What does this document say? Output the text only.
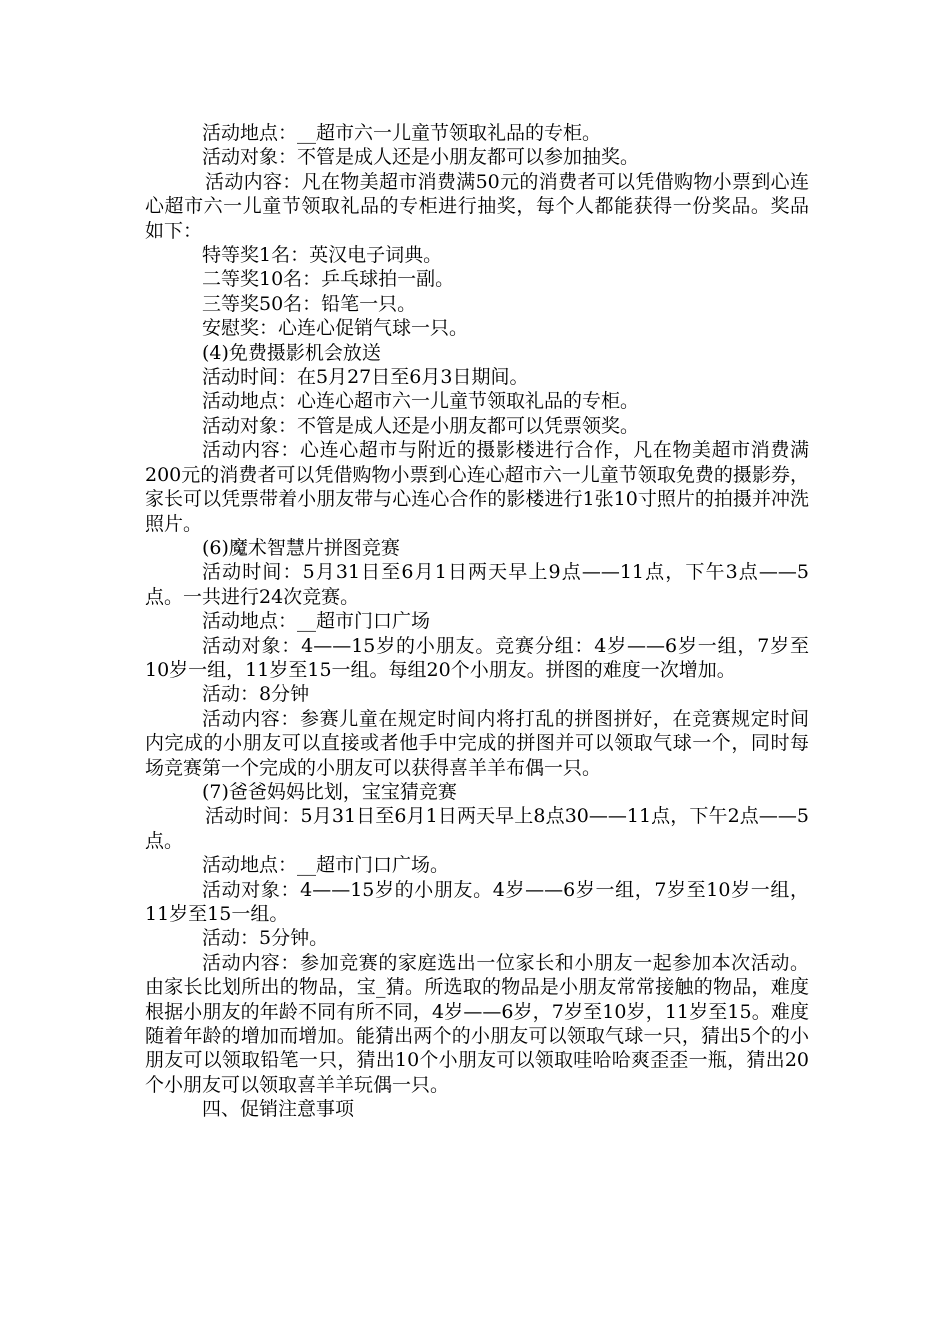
活动地点：__超市六一儿童节领取礼品的专柜。

活动对象：不管是成人还是小朋友都可以参加抽奖。

活动内容：凡在物美超市消费满50元的消费者可以凭借购物小票到心连心超市六一儿童节领取礼品的专柜进行抽奖，每个人都能获得一份奖品。奖品如下：

特等奖1名：英汉电子词典。

二等奖10名：乒乓球拍一副。

三等奖50名：铅笔一只。

安慰奖：心连心促销气球一只。

(4)免费摄影机会放送

活动时间：在5月27日至6月3日期间。

活动地点：心连心超市六一儿童节领取礼品的专柜。

活动对象：不管是成人还是小朋友都可以凭票领奖。

活动内容：心连心超市与附近的摄影楼进行合作，凡在物美超市消费满200元的消费者可以凭借购物小票到心连心超市六一儿童节领取免费的摄影券，家长可以凭票带着小朋友带与心连心合作的影楼进行1张10寸照片的拍摄并冲洗照片。

(6)魔术智慧片拼图竞赛

活动时间：5月31日至6月1日两天早上9点——11点，下午3点——5点。一共进行24次竞赛。

活动地点：__超市门口广场

活动对象：4——15岁的小朋友。竞赛分组：4岁——6岁一组，7岁至10岁一组，11岁至15一组。每组20个小朋友。拼图的难度一次增加。

活动：8分钟

活动内容：参赛儿童在规定时间内将打乱的拼图拼好，在竞赛规定时间内完成的小朋友可以直接或者他手中完成的拼图并可以领取气球一个，同时每场竞赛第一个完成的小朋友可以获得喜羊羊布偶一只。

(7)爸爸妈妈比划，宝宝猜竞赛

活动时间：5月31日至6月1日两天早上8点30——11点，下午2点——5点。

活动地点：__超市门口广场。

活动对象：4——15岁的小朋友。4岁——6岁一组，7岁至10岁一组，11岁至15一组。

活动：5分钟。

活动内容：参加竞赛的家庭选出一位家长和小朋友一起参加本次活动。由家长比划所出的物品，宝_猜。所选取的物品是小朋友常常接触的物品，难度根据小朋友的年龄不同有所不同，4岁——6岁，7岁至10岁，11岁至15。难度随着年龄的增加而增加。能猜出两个的小朋友可以领取气球一只，猜出5个的小朋友可以领取铅笔一只，猜出10个小朋友可以领取哇哈哈爽歪歪一瓶，猜出20个小朋友可以领取喜羊羊玩偶一只。

四、促销注意事项
